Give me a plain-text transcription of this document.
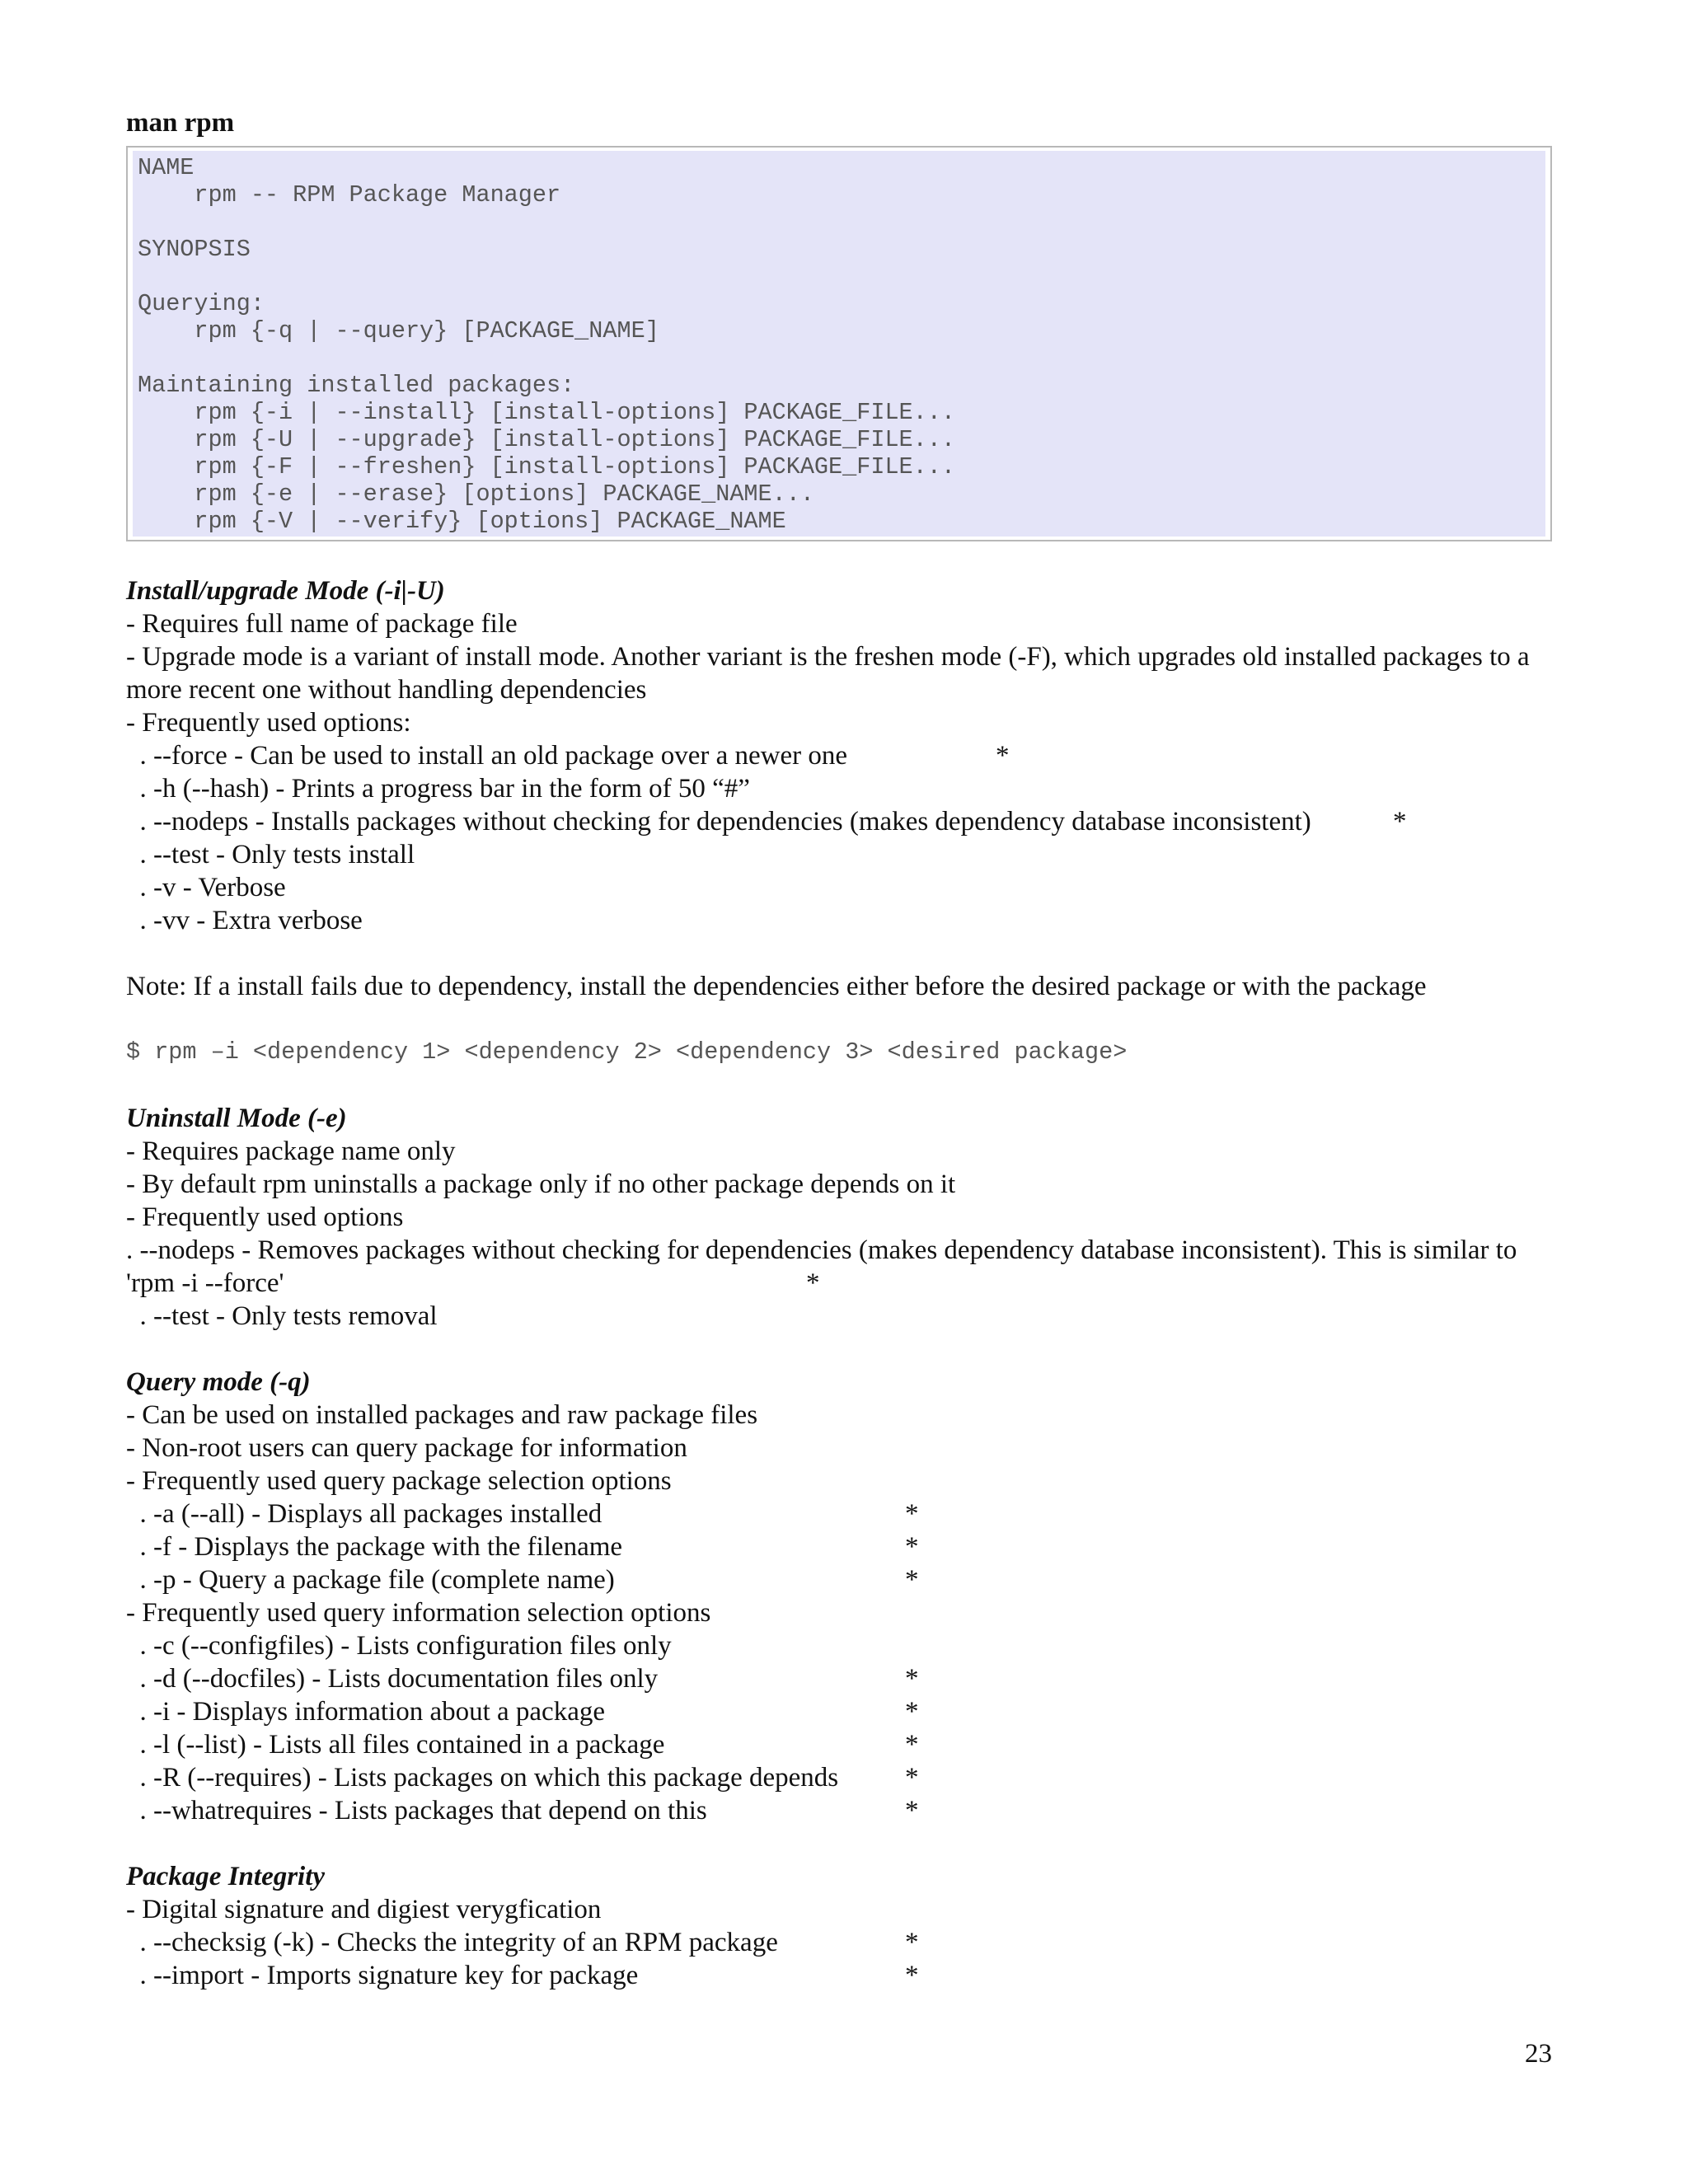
man rpm

NAME
rpm -- RPM Package Manager

SYNOPSIS

Querying:
rpm {-q | --query} [PACKAGE_NAME]

Maintaining installed packages:
rpm {-i | --install} [install-options] PACKAGE_FILE...
rpm {-U | --upgrade} [install-options] PACKAGE_FILE...
rpm {-F | --freshen} [install-options] PACKAGE_FILE...
rpm {-e | --erase} [options] PACKAGE_NAME...
rpm {-V | --verify} [options] PACKAGE_NAME

Install/upgrade Mode (-i|-U)

- Requires full name of package file

- Upgrade mode is a variant of install mode. Another variant is the freshen mode (-F), which upgrades old installed packages to a more recent one without handling dependencies

- Frequently used options:

. --force - Can be used to install an old package over a newer one	*

. -h (--hash) - Prints a progress bar in the form of 50 “#”

. --nodeps - Installs packages without checking for dependencies (makes dependency database inconsistent)	*

. --test - Only tests install

. -v - Verbose

. -vv - Extra verbose

Note: If a install fails due to dependency, install the dependencies either before the desired package or with the package

$ rpm –i <dependency 1> <dependency 2> <dependency 3> <desired package>

Uninstall Mode (-e)

- Requires package name only

- By default rpm uninstalls a package only if no other package depends on it

- Frequently used options

. --nodeps - Removes packages without checking for dependencies (makes dependency database inconsistent). This is similar to 'rpm -i --force'	*

. --test - Only tests removal

Query mode (-q)

- Can be used on installed packages and raw package files

- Non-root users can query package for information

- Frequently used query package selection options

. -a (--all) - Displays all packages installed	*

. -f - Displays the package with the filename	*

. -p - Query a package file (complete name)	*

- Frequently used query information selection options

. -c (--configfiles) - Lists configuration files only

. -d (--docfiles) - Lists documentation files only	*

. -i - Displays information about a package	*

. -l (--list) - Lists all files contained in a package	*

. -R (--requires) - Lists packages on which this package depends *

. --whatrequires - Lists packages that depend on this	*

Package Integrity

- Digital signature and digiest verygfication

. --checksig (-k) - Checks the integrity of an RPM package	*

. --import - Imports signature key for package	*

23
